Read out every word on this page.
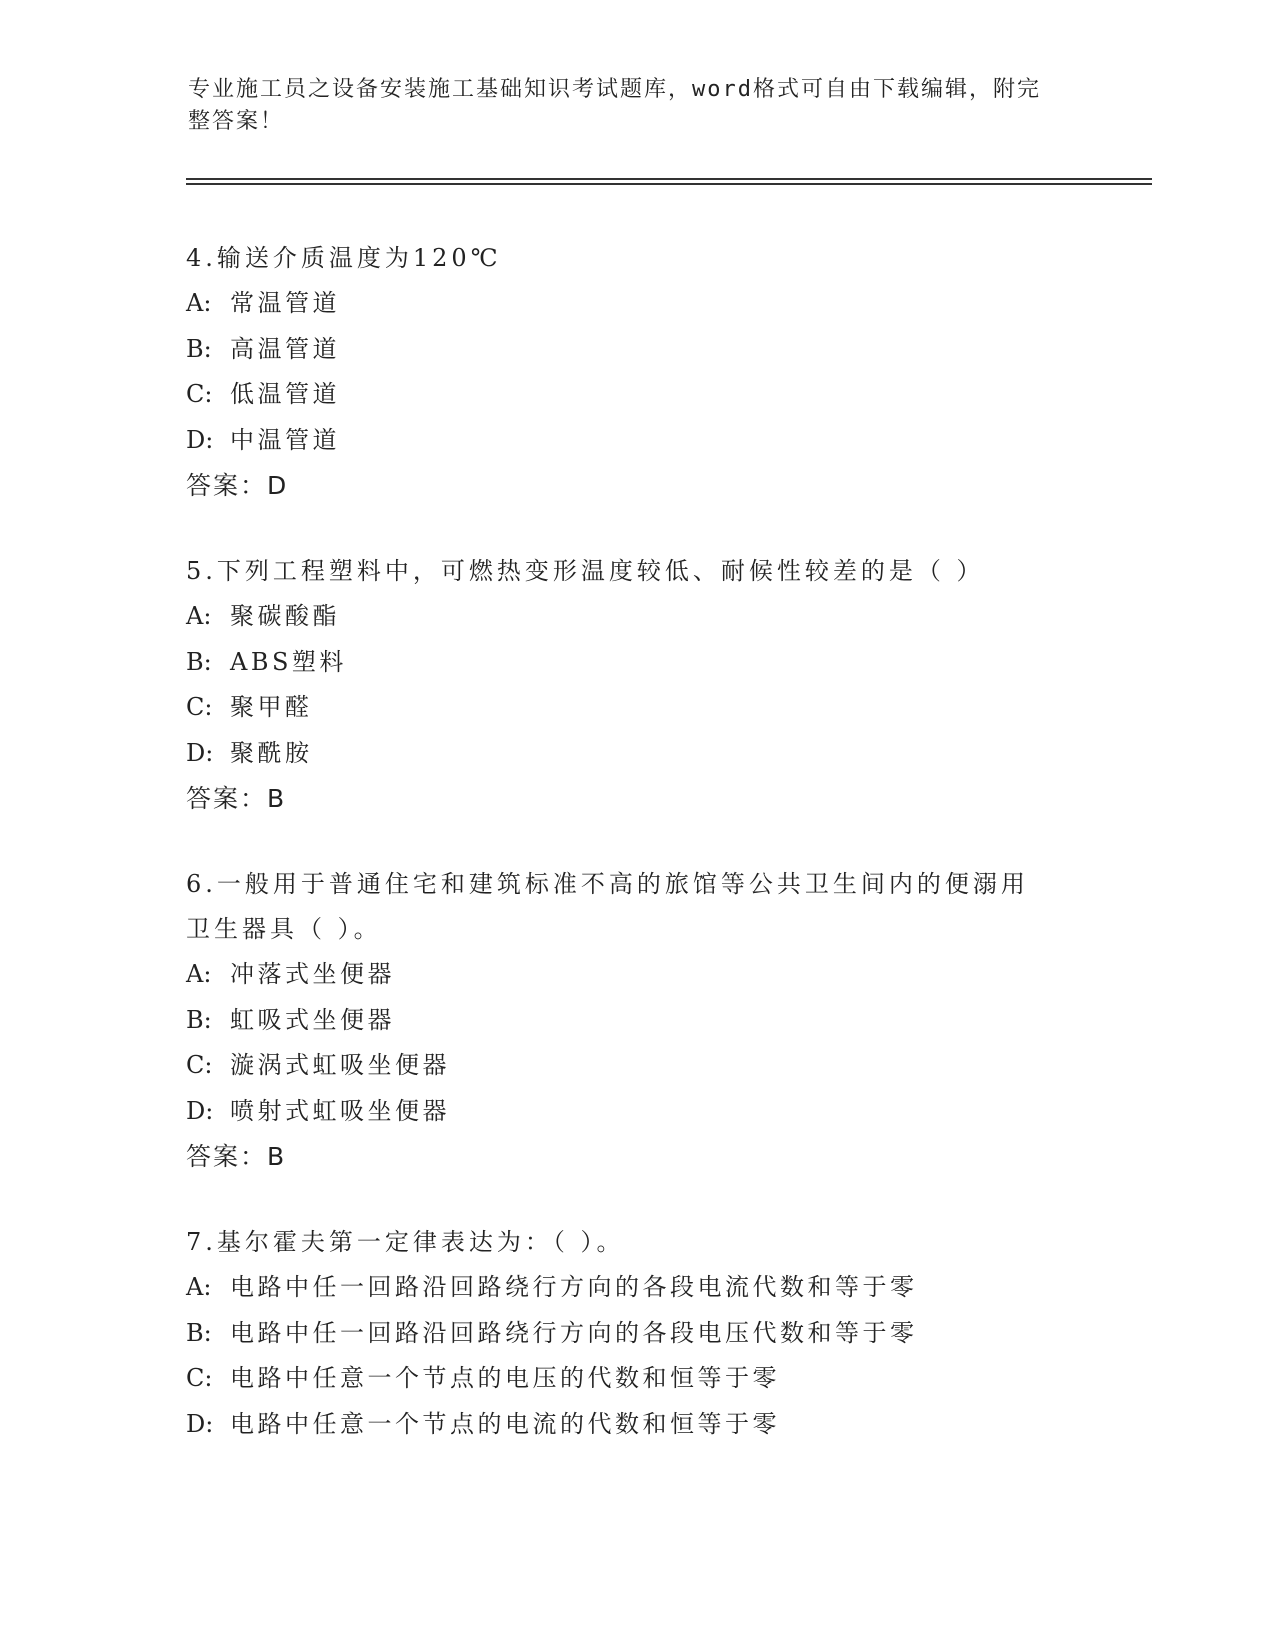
专业施工员之设备安装施工基础知识考试题库，word格式可自由下载编辑，附完
整答案！
4.输送介质温度为120℃
A: 常温管道
B: 高温管道
C: 低温管道
D: 中温管道
答案：D
5.下列工程塑料中，可燃热变形温度较低、耐候性较差的是（ ）
A: 聚碳酸酯
B: ABS塑料
C: 聚甲醛
D: 聚酰胺
答案：B
6.一般用于普通住宅和建筑标准不高的旅馆等公共卫生间内的便溺用
卫生器具（ ）。
A: 冲落式坐便器
B: 虹吸式坐便器
C: 漩涡式虹吸坐便器
D: 喷射式虹吸坐便器
答案：B
7.基尔霍夫第一定律表达为：（ ）。
A: 电路中任一回路沿回路绕行方向的各段电流代数和等于零
B: 电路中任一回路沿回路绕行方向的各段电压代数和等于零
C: 电路中任意一个节点的电压的代数和恒等于零
D: 电路中任意一个节点的电流的代数和恒等于零
